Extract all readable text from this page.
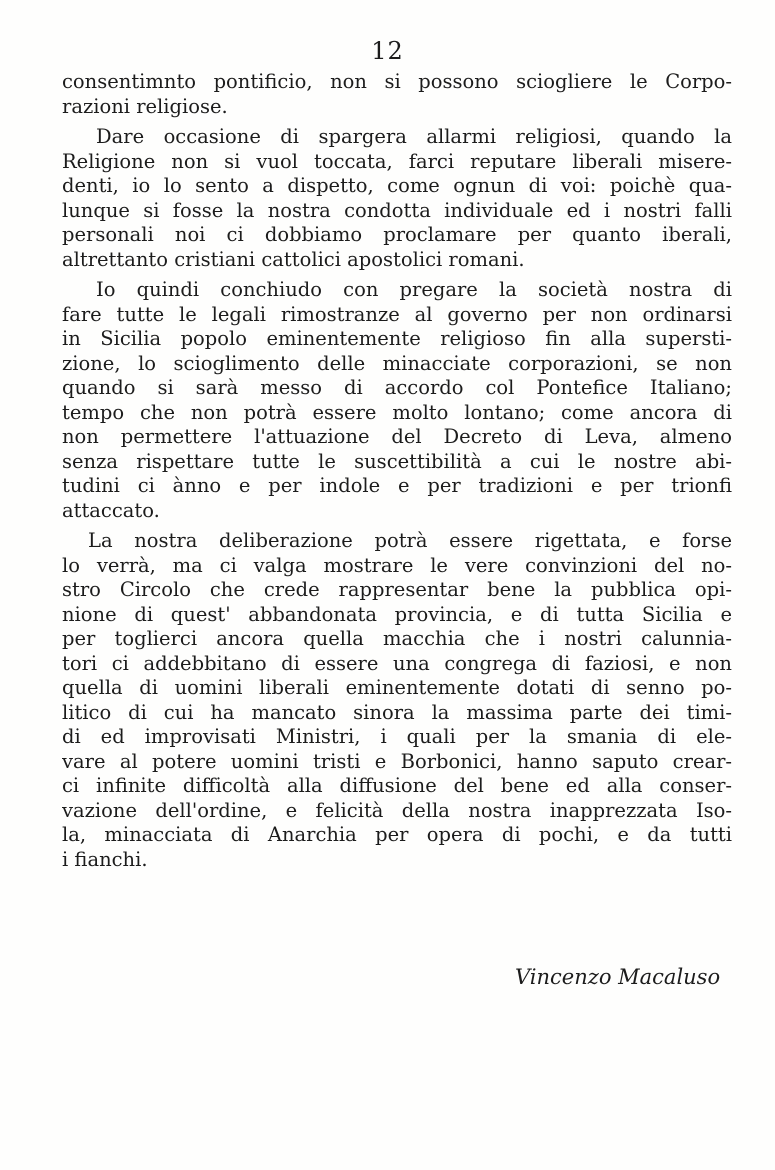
12
consentimnto pontificio, non si possono sciogliere le Corpo-
razioni religiose.
Dare occasione di spargera allarmi religiosi, quando la
Religione non si vuol toccata, farci reputare liberali misere-
denti, io lo sento a dispetto, come ognun di voi: poichè qua-
lunque si fosse la nostra condotta individuale ed i nostri falli
personali noi ci dobbiamo proclamare per quanto iberali,
altrettanto cristiani cattolici apostolici romani.
Io quindi conchiudo con pregare la società nostra di
fare tutte le legali rimostranze al governo per non ordinarsi
in Sicilia popolo eminentemente religioso fin alla supersti-
zione, lo scioglimento delle minacciate corporazioni, se non
quando si sarà messo di accordo col Pontefice Italiano;
tempo che non potrà essere molto lontano; come ancora di
non permettere l'attuazione del Decreto di Leva, almeno
senza rispettare tutte le suscettibilità a cui le nostre abi-
tudini ci ànno e per indole e per tradizioni e per trionfi
attaccato.
La nostra deliberazione potrà essere rigettata, e forse
lo verrà, ma ci valga mostrare le vere convinzioni del no-
stro Circolo che crede rappresentar bene la pubblica opi-
nione di quest' abbandonata provincia, e di tutta Sicilia e
per toglierci ancora quella macchia che i nostri calunnia-
tori ci addebbitano di essere una congrega di faziosi, e non
quella di uomini liberali eminentemente dotati di senno po-
litico di cui ha mancato sinora la massima parte dei timi-
di ed improvisati Ministri, i quali per la smania di ele-
vare al potere uomini tristi e Borbonici, hanno saputo crear-
ci infinite difficoltà alla diffusione del bene ed alla conser-
vazione dell'ordine, e felicità della nostra inapprezzata Iso-
la, minacciata di Anarchia per opera di pochi, e da tutti
i fianchi.
Vincenzo Macaluso
